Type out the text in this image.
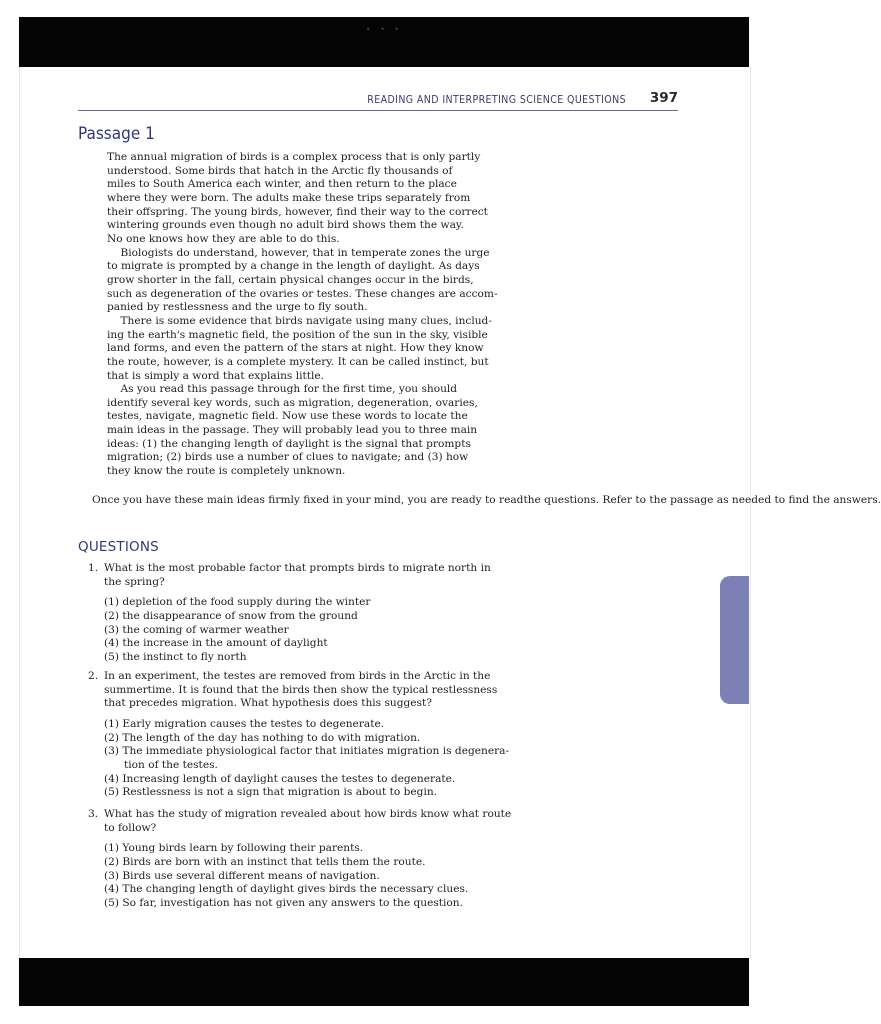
• • •
READING AND INTERPRETING SCIENCE QUESTIONS 397
Passage 1
The annual migration of birds is a complex process that is only partly
understood. Some birds that hatch in the Arctic fly thousands of
miles to South America each winter, and then return to the place
where they were born. The adults make these trips separately from
their offspring. The young birds, however, find their way to the correct
wintering grounds even though no adult bird shows them the way.
No one knows how they are able to do this.
Biologists do understand, however, that in temperate zones the urge
to migrate is prompted by a change in the length of daylight. As days
grow shorter in the fall, certain physical changes occur in the birds,
such as degeneration of the ovaries or testes. These changes are accom-
panied by restlessness and the urge to fly south.
There is some evidence that birds navigate using many clues, includ-
ing the earth's magnetic field, the position of the sun in the sky, visible
land forms, and even the pattern of the stars at night. How they know
the route, however, is a complete mystery. It can be called instinct, but
that is simply a word that explains little.
As you read this passage through for the first time, you should
identify several key words, such as migration, degeneration, ovaries,
testes, navigate, magnetic field. Now use these words to locate the
main ideas in the passage. They will probably lead you to three main
ideas: (1) the changing length of daylight is the signal that prompts
migration; (2) birds use a number of clues to navigate; and (3) how
they know the route is completely unknown.
Once you have these main ideas firmly fixed in your mind, you are ready to readthe questions. Refer to the passage as needed to find the answers.
QUESTIONS
1. What is the most probable factor that prompts birds to migrate north in
the spring?
(1) depletion of the food supply during the winter
(2) the disappearance of snow from the ground
(3) the coming of warmer weather
(4) the increase in the amount of daylight
(5) the instinct to fly north
2. In an experiment, the testes are removed from birds in the Arctic in the
summertime. It is found that the birds then show the typical restlessness
that precedes migration. What hypothesis does this suggest?
(1) Early migration causes the testes to degenerate.
(2) The length of the day has nothing to do with migration.
(3) The immediate physiological factor that initiates migration is degenera-
tion of the testes.
(4) Increasing length of daylight causes the testes to degenerate.
(5) Restlessness is not a sign that migration is about to begin.
3. What has the study of migration revealed about how birds know what route
to follow?
(1) Young birds learn by following their parents.
(2) Birds are born with an instinct that tells them the route.
(3) Birds use several different means of navigation.
(4) The changing length of daylight gives birds the necessary clues.
(5) So far, investigation has not given any answers to the question.
